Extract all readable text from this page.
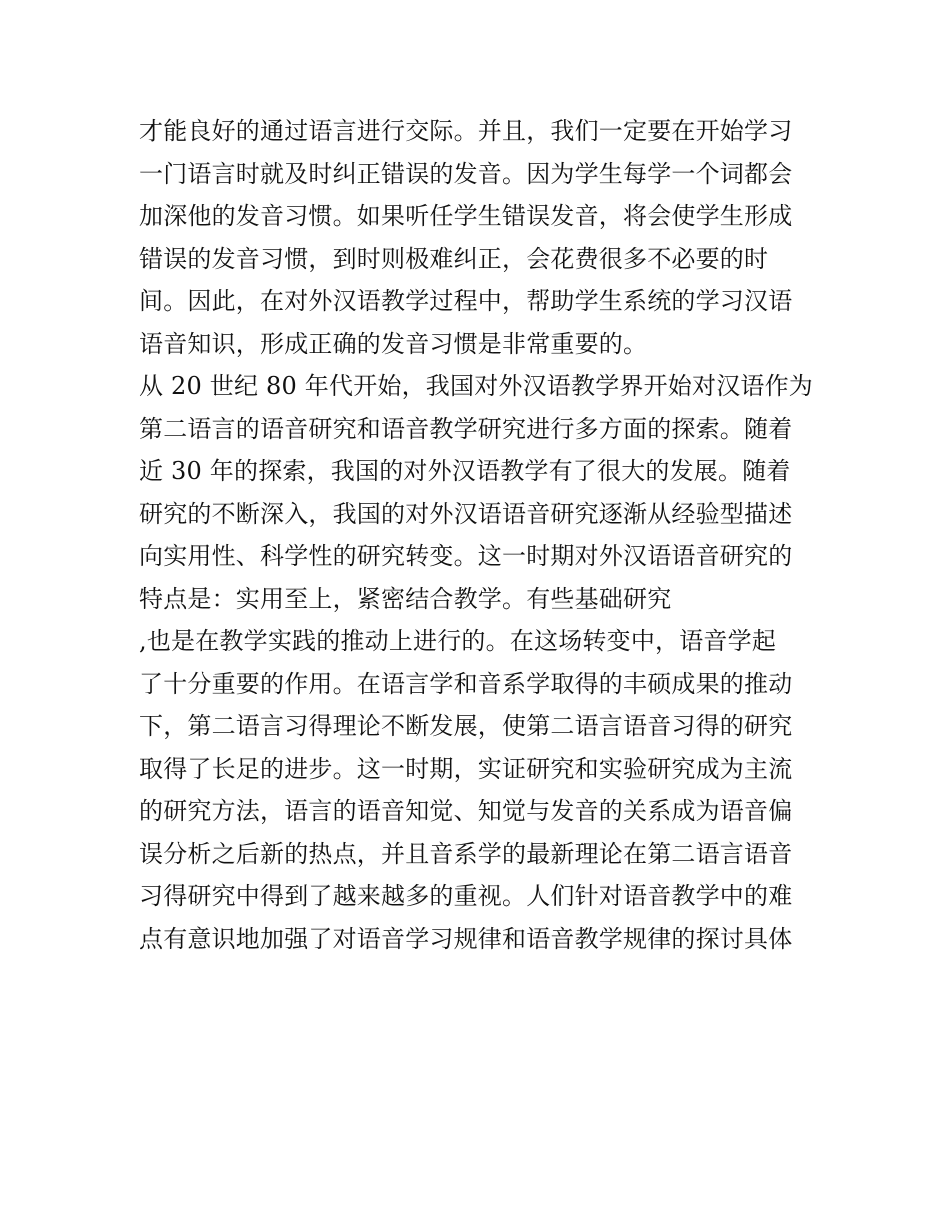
才能良好的通过语言进行交际。并且，我们一定要在开始学习
一门语言时就及时纠正错误的发音。因为学生每学一个词都会
加深他的发音习惯。如果听任学生错误发音，将会使学生形成
错误的发音习惯，到时则极难纠正，会花费很多不必要的时
间。因此，在对外汉语教学过程中，帮助学生系统的学习汉语
语音知识，形成正确的发音习惯是非常重要的。
从 20 世纪 80 年代开始，我国对外汉语教学界开始对汉语作为
第二语言的语音研究和语音教学研究进行多方面的探索。随着
近 30 年的探索，我国的对外汉语教学有了很大的发展。随着
研究的不断深入，我国的对外汉语语音研究逐渐从经验型描述
向实用性、科学性的研究转变。这一时期对外汉语语音研究的
特点是：实用至上，紧密结合教学。有些基础研究
,也是在教学实践的推动上进行的。在这场转变中，语音学起
了十分重要的作用。在语言学和音系学取得的丰硕成果的推动
下，第二语言习得理论不断发展，使第二语言语音习得的研究
取得了长足的进步。这一时期，实证研究和实验研究成为主流
的研究方法，语言的语音知觉、知觉与发音的关系成为语音偏
误分析之后新的热点，并且音系学的最新理论在第二语言语音
习得研究中得到了越来越多的重视。人们针对语音教学中的难
点有意识地加强了对语音学习规律和语音教学规律的探讨具体
